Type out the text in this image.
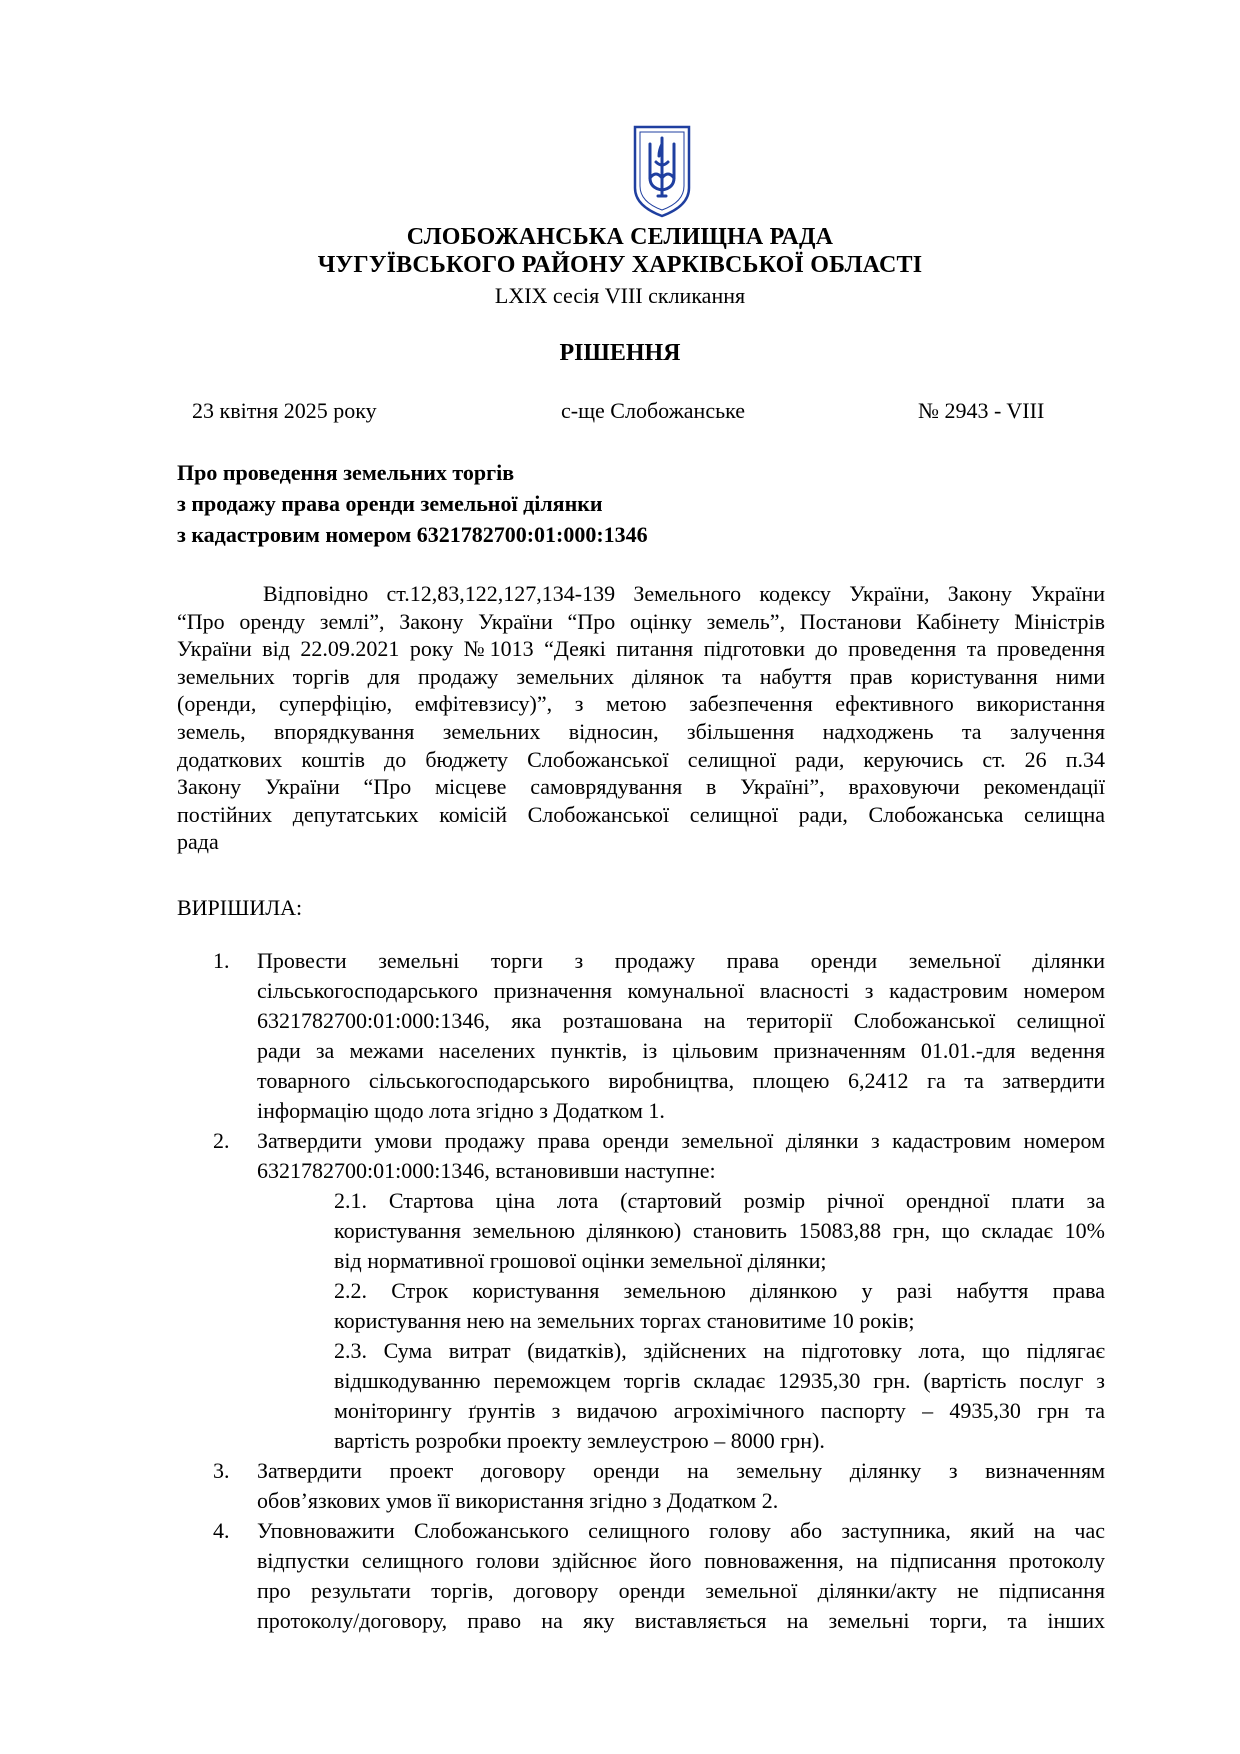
СЛОБОЖАНСЬКА СЕЛИЩНА РАДА
ЧУГУЇВСЬКОГО РАЙОНУ ХАРКІВСЬКОЇ ОБЛАСТІ
LXIX сесія VIII скликання
РІШЕННЯ
23 квітня 2025 року	с-ще Слобожанське	№ 2943 - VIII
Про проведення земельних торгів
з продажу права оренди земельної ділянки
з кадастровим номером 6321782700:01:000:1346
Відповідно ст.12,83,122,127,134-139 Земельного кодексу України, Закону України
“Про оренду землі”, Закону України “Про оцінку земель”, Постанови Кабінету Міністрів
України від 22.09.2021 року №1013 “Деякі питання підготовки до проведення та проведення
земельних торгів для продажу земельних ділянок та набуття прав користування ними
(оренди, суперфіцію, емфітевзису)”, з метою забезпечення ефективного використання
земель, впорядкування земельних відносин, збільшення надходжень та залучення
додаткових коштів до бюджету Слобожанської селищної ради, керуючись ст. 26 п.34
Закону України “Про місцеве самоврядування в Україні”, враховуючи рекомендації
постійних депутатських комісій Слобожанської селищної ради, Слобожанська селищна
рада
ВИРІШИЛА:
1. Провести земельні торги з продажу права оренди земельної ділянки
сільськогосподарського призначення комунальної власності з кадастровим номером
6321782700:01:000:1346, яка розташована на території Слобожанської селищної
ради за межами населених пунктів, із цільовим призначенням 01.01.-для ведення
товарного сільськогосподарського виробництва, площею 6,2412 га та затвердити
інформацію щодо лота згідно з Додатком 1.
2. Затвердити умови продажу права оренди земельної ділянки з кадастровим номером
6321782700:01:000:1346, встановивши наступне:
2.1. Стартова ціна лота (стартовий розмір річної орендної плати за
користування земельною ділянкою) становить 15083,88 грн, що складає 10%
від нормативної грошової оцінки земельної ділянки;
2.2. Строк користування земельною ділянкою у разі набуття права
користування нею на земельних торгах становитиме 10 років;
2.3. Сума витрат (видатків), здійснених на підготовку лота, що підлягає
відшкодуванню переможцем торгів складає 12935,30 грн. (вартість послуг з
моніторингу ґрунтів з видачою агрохімічного паспорту – 4935,30 грн та
вартість розробки проекту землеустрою – 8000 грн).
3. Затвердити проект договору оренди на земельну ділянку з визначенням
обов’язкових умов її використання згідно з Додатком 2.
4. Уповноважити Слобожанського селищного голову або заступника, який на час
відпустки селищного голови здійснює його повноваження, на підписання протоколу
про результати торгів, договору оренди земельної ділянки/акту не підписання
протоколу/договору, право на яку виставляється на земельні торги, та інших
